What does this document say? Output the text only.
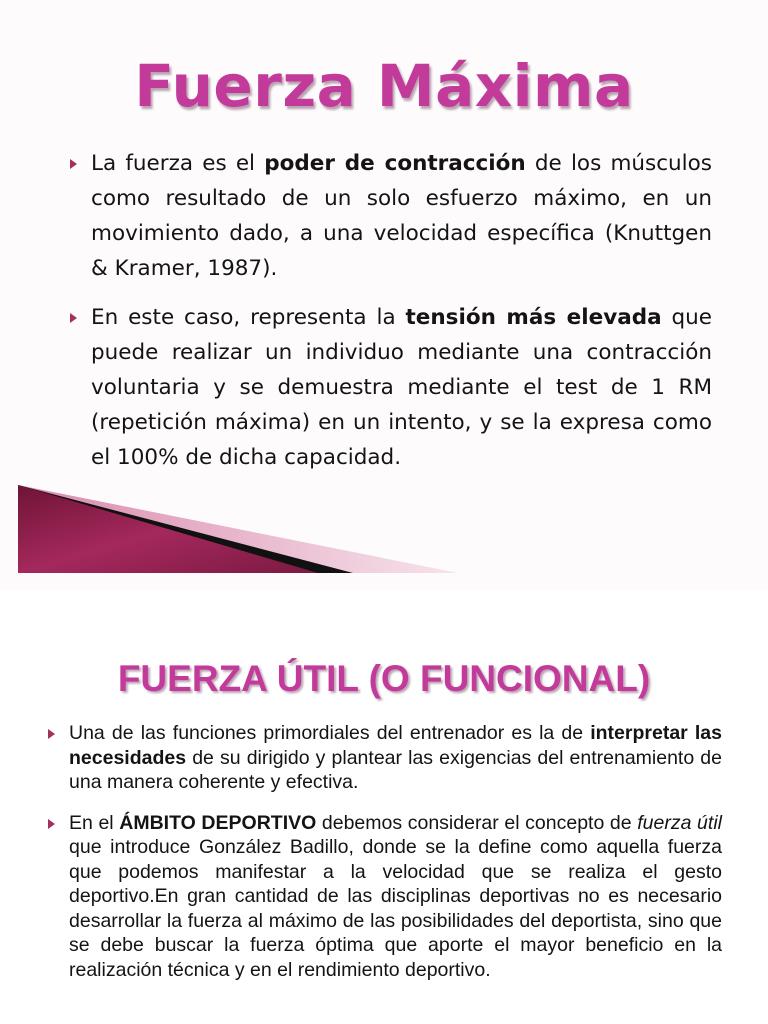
Fuerza Máxima
La fuerza es el poder de contracción de los músculos como resultado de un solo esfuerzo máximo, en un movimiento dado, a una velocidad específica (Knuttgen & Kramer, 1987).
En este caso, representa la tensión más elevada que puede realizar un individuo mediante una contracción voluntaria y se demuestra mediante el test de 1 RM (repetición máxima) en un intento, y se la expresa como el 100% de dicha capacidad.
FUERZA ÚTIL (O FUNCIONAL)
Una de las funciones primordiales del entrenador es la de interpretar las necesidades de su dirigido y plantear las exigencias del entrenamiento de una manera coherente y efectiva.
En el ÁMBITO DEPORTIVO debemos considerar el concepto de fuerza útil que introduce González Badillo, donde se la define como aquella fuerza que podemos manifestar a la velocidad que se realiza el gesto deportivo.En gran cantidad de las disciplinas deportivas no es necesario desarrollar la fuerza al máximo de las posibilidades del deportista, sino que se debe buscar la fuerza óptima que aporte el mayor beneficio en la realización técnica y en el rendimiento deportivo.
